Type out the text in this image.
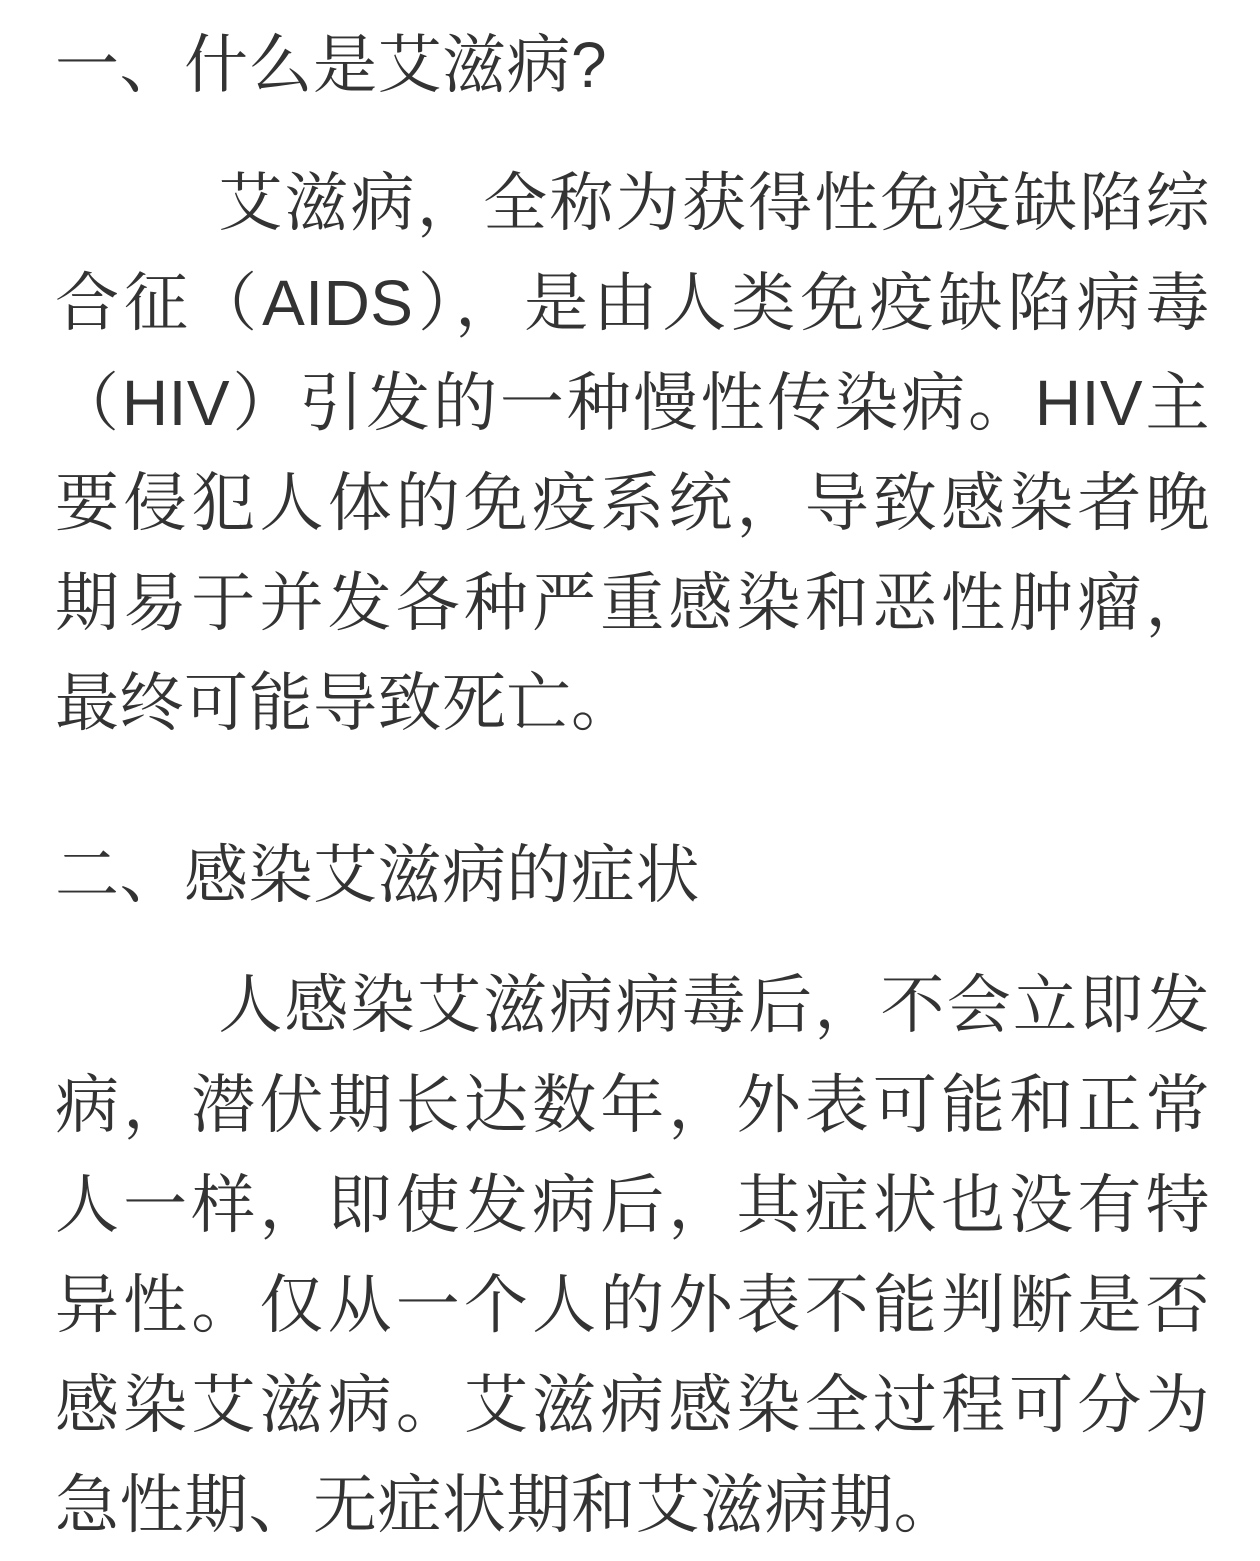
一、什么是艾滋病?

艾滋病，全称为获得性免疫缺陷综合征（AIDS），是由人类免疫缺陷病毒（HIV）引发的一种慢性传染病。HIV主要侵犯人体的免疫系统，导致感染者晚期易于并发各种严重感染和恶性肿瘤，最终可能导致死亡。

二、感染艾滋病的症状

人感染艾滋病病毒后，不会立即发病，潜伏期长达数年，外表可能和正常人一样，即使发病后，其症状也没有特异性。仅从一个人的外表不能判断是否感染艾滋病。艾滋病感染全过程可分为急性期、无症状期和艾滋病期。
